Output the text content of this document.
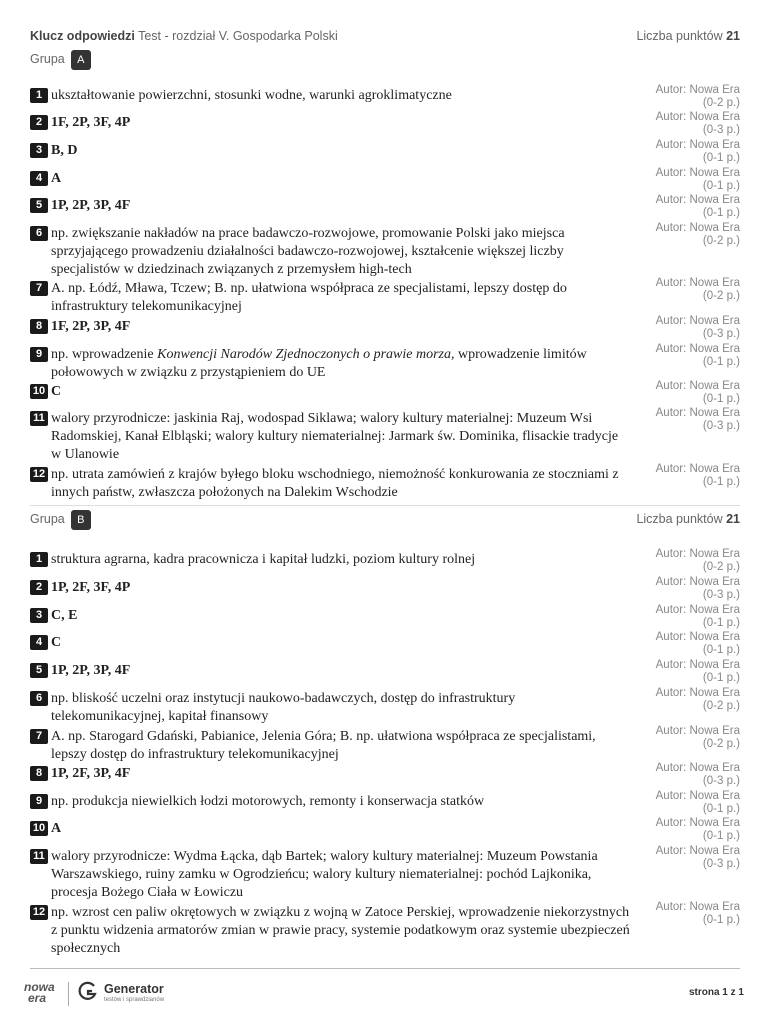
Klucz odpowiedzi Test - rozdział V. Gospodarka Polski	Liczba punktów 21
Grupa A
1 ukształtowanie powierzchni, stosunki wodne, warunki agroklimatyczne	Autor: Nowa Era
(0-2 p.)
2 1F, 2P, 3F, 4P	Autor: Nowa Era
(0-3 p.)
3 B, D	Autor: Nowa Era
(0-1 p.)
4 A	Autor: Nowa Era
(0-1 p.)
5 1P, 2P, 3P, 4F	Autor: Nowa Era
(0-1 p.)
6 np. zwiększanie nakładów na prace badawczo-rozwojowe, promowanie Polski jako miejsca sprzyjającego prowadzeniu działalności badawczo-rozwojowej, kształcenie większej liczby specjalistów w dziedzinach związanych z przemysłem high-tech
Autor: Nowa Era
(0-2 p.)
7 A. np. Łódź, Mława, Tczew; B. np. ułatwiona współpraca ze specjalistami, lepszy dostęp do infrastruktury telekomunikacyjnej
Autor: Nowa Era
(0-2 p.)
8 1F, 2P, 3P, 4F	Autor: Nowa Era
(0-3 p.)
9 np. wprowadzenie Konwencji Narodów Zjednoczonych o prawie morza, wprowadzenie limitów połowowych w związku z przystąpieniem do UE
Autor: Nowa Era
(0-1 p.)
10 C	Autor: Nowa Era
(0-1 p.)
11 walory przyrodnicze: jaskinia Raj, wodospad Siklawa; walory kultury materialnej: Muzeum Wsi Radomskiej, Kanał Elbląski; walory kultury niematerialnej: Jarmark św. Dominika, flisackie tradycje w Ulanowie
Autor: Nowa Era
(0-3 p.)
12 np. utrata zamówień z krajów byłego bloku wschodniego, niemożność konkurowania ze stoczniami z innych państw, zwłaszcza położonych na Dalekim Wschodzie
Autor: Nowa Era
(0-1 p.)
Grupa B	Liczba punktów 21
1 struktura agrarna, kadra pracownicza i kapitał ludzki, poziom kultury rolnej	Autor: Nowa Era
(0-2 p.)
2 1P, 2F, 3F, 4P	Autor: Nowa Era
(0-3 p.)
3 C, E	Autor: Nowa Era
(0-1 p.)
4 C	Autor: Nowa Era
(0-1 p.)
5 1P, 2P, 3P, 4F	Autor: Nowa Era
(0-1 p.)
6 np. bliskość uczelni oraz instytucji naukowo-badawczych, dostęp do infrastruktury telekomunikacyjnej, kapitał finansowy
Autor: Nowa Era
(0-2 p.)
7 A. np. Starogard Gdański, Pabianice, Jelenia Góra; B. np. ułatwiona współpraca ze specjalistami, lepszy dostęp do infrastruktury telekomunikacyjnej
Autor: Nowa Era
(0-2 p.)
8 1P, 2F, 3P, 4F	Autor: Nowa Era
(0-3 p.)
9 np. produkcja niewielkich łodzi motorowych, remonty i konserwacja statków	Autor: Nowa Era
(0-1 p.)
10 A	Autor: Nowa Era
(0-1 p.)
11 walory przyrodnicze: Wydma Łącka, dąb Bartek; walory kultury materialnej: Muzeum Powstania Warszawskiego, ruiny zamku w Ogrodzieńcu; walory kultury niematerialnej: pochód Lajkonika, procesja Bożego Ciała w Łowiczu
Autor: Nowa Era
(0-3 p.)
12 np. wzrost cen paliw okrętowych w związku z wojną w Zatoce Perskiej, wprowadzenie niekorzystnych z punktu widzenia armatorów zmian w prawie pracy, systemie podatkowym oraz systemie ubezpieczeń społecznych
Autor: Nowa Era
(0-1 p.)
nowa
era
Generator
testów i sprawdzianów
strona 1 z 1
